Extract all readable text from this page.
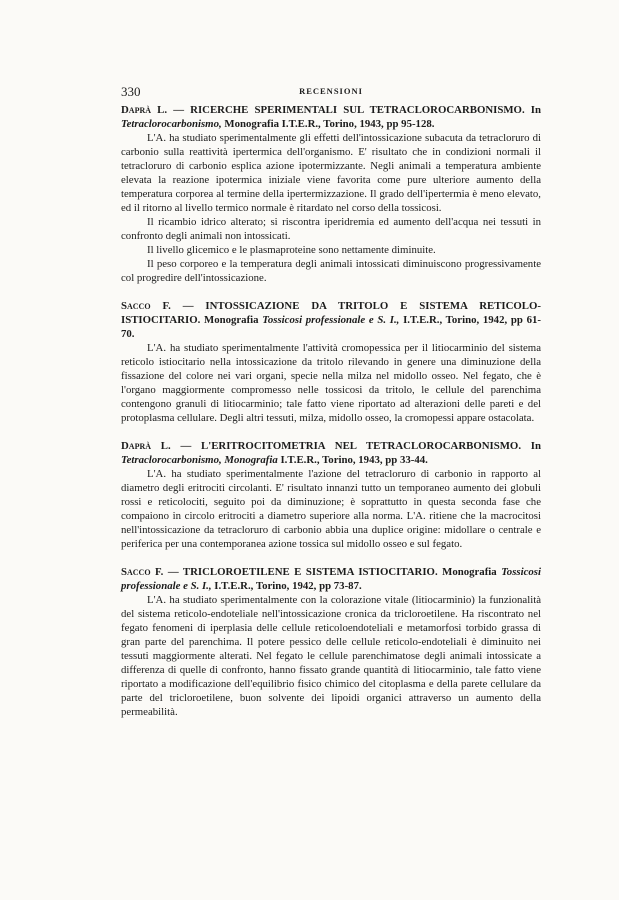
330	RECENSIONI

Daprà L. — RICERCHE SPERIMENTALI SUL TETRACLOROCARBONISMO. In Tetraclorocarbonismo, Monografia I.T.E.R., Torino, 1943, pp 95-128.

L'A. ha studiato sperimentalmente gli effetti dell'intossicazione subacuta da tetracloruro di carbonio sulla reattività ipertermica dell'organismo. E' risultato che in condizioni normali il tetracloruro di carbonio esplica azione ipotermizzante. Negli animali a temperatura ambiente elevata la reazione ipotermica iniziale viene favorita come pure ulteriore aumento della temperatura corporea al termine della ipertermizzazione. Il grado dell'ipertermia è meno elevato, ed il ritorno al livello termico normale è ritardato nel corso della tossicosi.

Il ricambio idrico alterato; si riscontra iperidremia ed aumento dell'acqua nei tessuti in confronto degli animali non intossicati.

Il livello glicemico e le plasmaproteine sono nettamente diminuite.

Il peso corporeo e la temperatura degli animali intossicati diminuiscono progressivamente col progredire dell'intossicazione.

Sacco F. — INTOSSICAZIONE DA TRITOLO E SISTEMA RETICOLO-ISTIOCITARIO. Monografia Tossicosi professionale e S. I., I.T.E.R., Torino, 1942, pp 61-70.

L'A. ha studiato sperimentalmente l'attività cromopessica per il litiocarminio del sistema reticolo istiocitario nella intossicazione da tritolo rilevando in genere una diminuzione della fissazione del colore nei vari organi, specie nella milza nel midollo osseo. Nel fegato, che è l'organo maggiormente compromesso nelle tossicosi da tritolo, le cellule del parenchima contengono granuli di litiocarminio; tale fatto viene riportato ad alterazioni delle pareti e del protoplasma cellulare. Degli altri tessuti, milza, midollo osseo, la cromopessi appare ostacolata.

Daprà L. — L'ERITROCITOMETRIA NEL TETRACLOROCARBONISMO. In Tetraclorocarbonismo, Monografia I.T.E.R., Torino, 1943, pp 33-44.

L'A. ha studiato sperimentalmente l'azione del tetracloruro di carbonio in rapporto al diametro degli eritrociti circolanti. E' risultato innanzi tutto un temporaneo aumento dei globuli rossi e reticolociti, seguito poi da diminuzione; è soprattutto in questa seconda fase che compaiono in circolo eritrociti a diametro superiore alla norma. L'A. ritiene che la macrocitosi nell'intossicazione da tetracloruro di carbonio abbia una duplice origine: midollare o centrale e periferica per una contemporanea azione tossica sul midollo osseo e sul fegato.

Sacco F. — TRICLOROETILENE E SISTEMA ISTIOCITARIO. Monografia Tossicosi professionale e S. I., I.T.E.R., Torino, 1942, pp 73-87.

L'A. ha studiato sperimentalmente con la colorazione vitale (litiocarminio) la funzionalità del sistema reticolo-endoteliale nell'intossicazione cronica da tricloroetilene. Ha riscontrato nel fegato fenomeni di iperplasia delle cellule reticoloendoteliali e metamorfosi torbido grassa di gran parte del parenchima. Il potere pessico delle cellule reticolo-endoteliali è diminuito nei tessuti maggiormente alterati. Nel fegato le cellule parenchimatose degli animali intossicate a differenza di quelle di confronto, hanno fissato grande quantità di litiocarminio, tale fatto viene riportato a modificazione dell'equilibrio fisico chimico del citoplasma e della parete cellulare da parte del tricloroetilene, buon solvente dei lipoidi organici attraverso un aumento della permeabilità.
